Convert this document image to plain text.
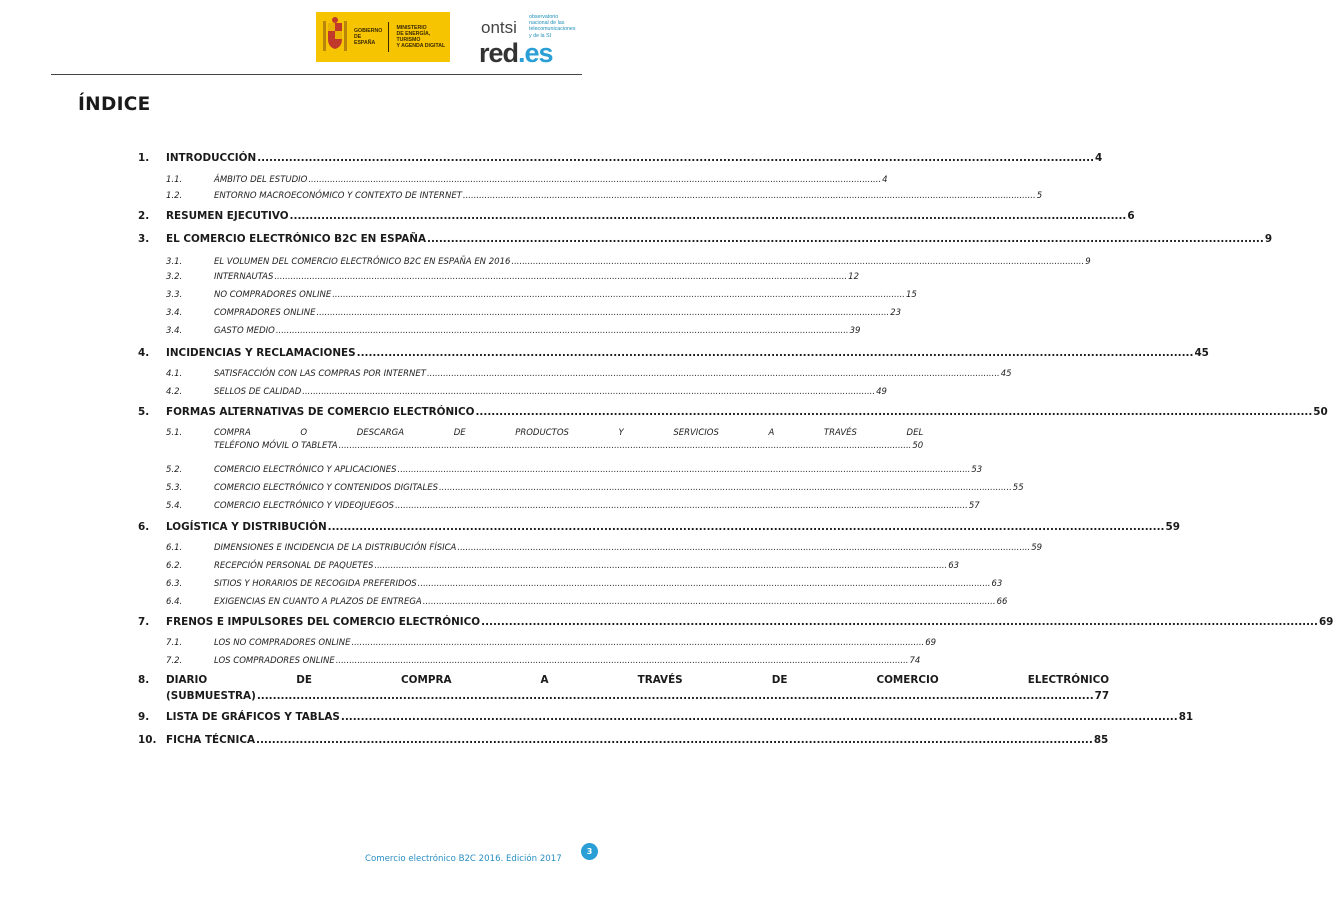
GOBIERNO
DE ESPAÑA
MINISTERIO
DE ENERGÍA, TURISMO
Y AGENDA DIGITAL
ontsi
observatorio
nacional de las
telecomunicaciones
y de la SI
red.es
ÍNDICE
1.	INTRODUCCIÓN .....	4
1.1.	ÁMBITO DEL ESTUDIO .....	4
1.2.	ENTORNO MACROECONÓMICO Y CONTEXTO DE INTERNET .....	5
2.	RESUMEN EJECUTIVO .....	6
3.	EL COMERCIO ELECTRÓNICO B2C EN ESPAÑA .....	9
3.1.	EL VOLUMEN DEL COMERCIO ELECTRÓNICO B2C EN ESPAÑA EN 2016 .....	9
3.2.	INTERNAUTAS .....	12
3.3.	NO COMPRADORES ONLINE .....	15
3.4.	COMPRADORES ONLINE .....	23
3.4.	GASTO MEDIO .....	39
4.	INCIDENCIAS Y RECLAMACIONES .....	45
4.1.	SATISFACCIÓN CON LAS COMPRAS POR INTERNET .....	45
4.2.	SELLOS DE CALIDAD .....	49
5.	FORMAS ALTERNATIVAS DE COMERCIO ELECTRÓNICO .....	50
5.1.	COMPRA O DESCARGA DE PRODUCTOS Y SERVICIOS A TRAVÉS DEL
TELÉFONO MÓVIL O TABLETA .....	50
5.2.	COMERCIO ELECTRÓNICO Y APLICACIONES .....	53
5.3.	COMERCIO ELECTRÓNICO Y CONTENIDOS DIGITALES .....	55
5.4.	COMERCIO ELECTRÓNICO Y VIDEOJUEGOS .....	57
6.	LOGÍSTICA Y DISTRIBUCIÓN .....	59
6.1.	DIMENSIONES E INCIDENCIA DE LA DISTRIBUCIÓN FÍSICA .....	59
6.2.	RECEPCIÓN PERSONAL DE PAQUETES .....	63
6.3.	SITIOS Y HORARIOS DE RECOGIDA PREFERIDOS .....	63
6.4.	EXIGENCIAS EN CUANTO A PLAZOS DE ENTREGA .....	66
7.	FRENOS E IMPULSORES DEL COMERCIO ELECTRÓNICO .....	69
7.1.	LOS NO COMPRADORES ONLINE .....	69
7.2.	LOS COMPRADORES ONLINE .....	74
8.	DIARIO DE COMPRA A TRAVÉS DE COMERCIO ELECTRÓNICO
(SUBMUESTRA) .....	77
9.	LISTA DE GRÁFICOS Y TABLAS .....	81
10. FICHA TÉCNICA .....	85
Comercio electrónico B2C 2016. Edición 2017
3
